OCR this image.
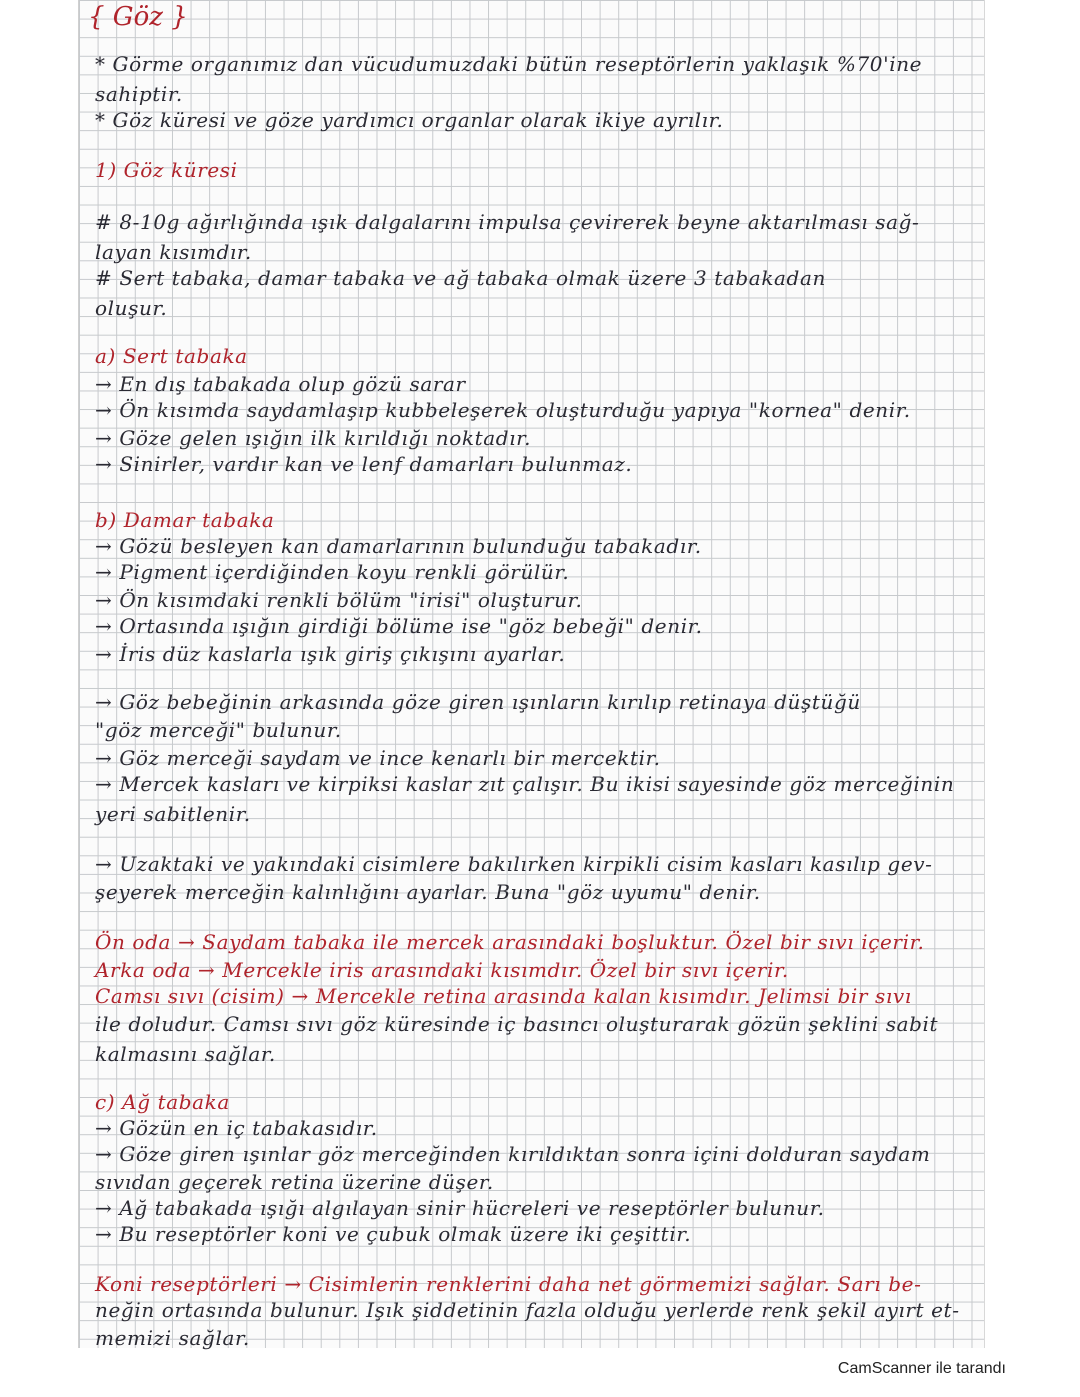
{ Göz }

* Görme organımız dan vücudumuzdaki bütün reseptörlerin yaklaşık %70'ine

sahiptir.

* Göz küresi ve göze yardımcı organlar olarak ikiye ayrılır.

1) Göz küresi

# 8-10g ağırlığında ışık dalgalarını impulsa çevirerek beyne aktarılması sağ-

layan kısımdır.

# Sert tabaka, damar tabaka ve ağ tabaka olmak üzere 3 tabakadan

oluşur.

a) Sert tabaka

→ En dış tabakada olup gözü sarar

→ Ön kısımda saydamlaşıp kubbeleşerek oluşturduğu yapıya "kornea" denir.

→ Göze gelen ışığın ilk kırıldığı noktadır.

→ Sinirler, vardır kan ve lenf damarları bulunmaz.

b) Damar tabaka

→ Gözü besleyen kan damarlarının bulunduğu tabakadır.

→ Pigment içerdiğinden koyu renkli görülür.

→ Ön kısımdaki renkli bölüm "irisi" oluşturur.

→ Ortasında ışığın girdiği bölüme ise "göz bebeği" denir.

→ İris düz kaslarla ışık giriş çıkışını ayarlar.

→ Göz bebeğinin arkasında göze giren ışınların kırılıp retinaya düştüğü

"göz merceği" bulunur.

→ Göz merceği saydam ve ince kenarlı bir mercektir.

→ Mercek kasları ve kirpiksi kaslar zıt çalışır. Bu ikisi sayesinde göz merceğinin

yeri sabitlenir.

→ Uzaktaki ve yakındaki cisimlere bakılırken kirpikli cisim kasları kasılıp gev-

şeyerek merceğin kalınlığını ayarlar. Buna "göz uyumu" denir.

Ön oda → Saydam tabaka ile mercek arasındaki boşluktur. Özel bir sıvı içerir.

Arka oda → Mercekle iris arasındaki kısımdır. Özel bir sıvı içerir.

Camsı sıvı (cisim) → Mercekle retina arasında kalan kısımdır. Jelimsi bir sıvı

ile doludur. Camsı sıvı göz küresinde iç basıncı oluşturarak gözün şeklini sabit

kalmasını sağlar.

c) Ağ tabaka

→ Gözün en iç tabakasıdır.

→ Göze giren ışınlar göz merceğinden kırıldıktan sonra içini dolduran saydam

sıvıdan geçerek retina üzerine düşer.

→ Ağ tabakada ışığı algılayan sinir hücreleri ve reseptörler bulunur.

→ Bu reseptörler koni ve çubuk olmak üzere iki çeşittir.

Koni reseptörleri → Cisimlerin renklerini daha net görmemizi sağlar. Sarı be-

neğin ortasında bulunur. Işık şiddetinin fazla olduğu yerlerde renk şekil ayırt et-

memizi sağlar.

CamScanner ile tarandı
